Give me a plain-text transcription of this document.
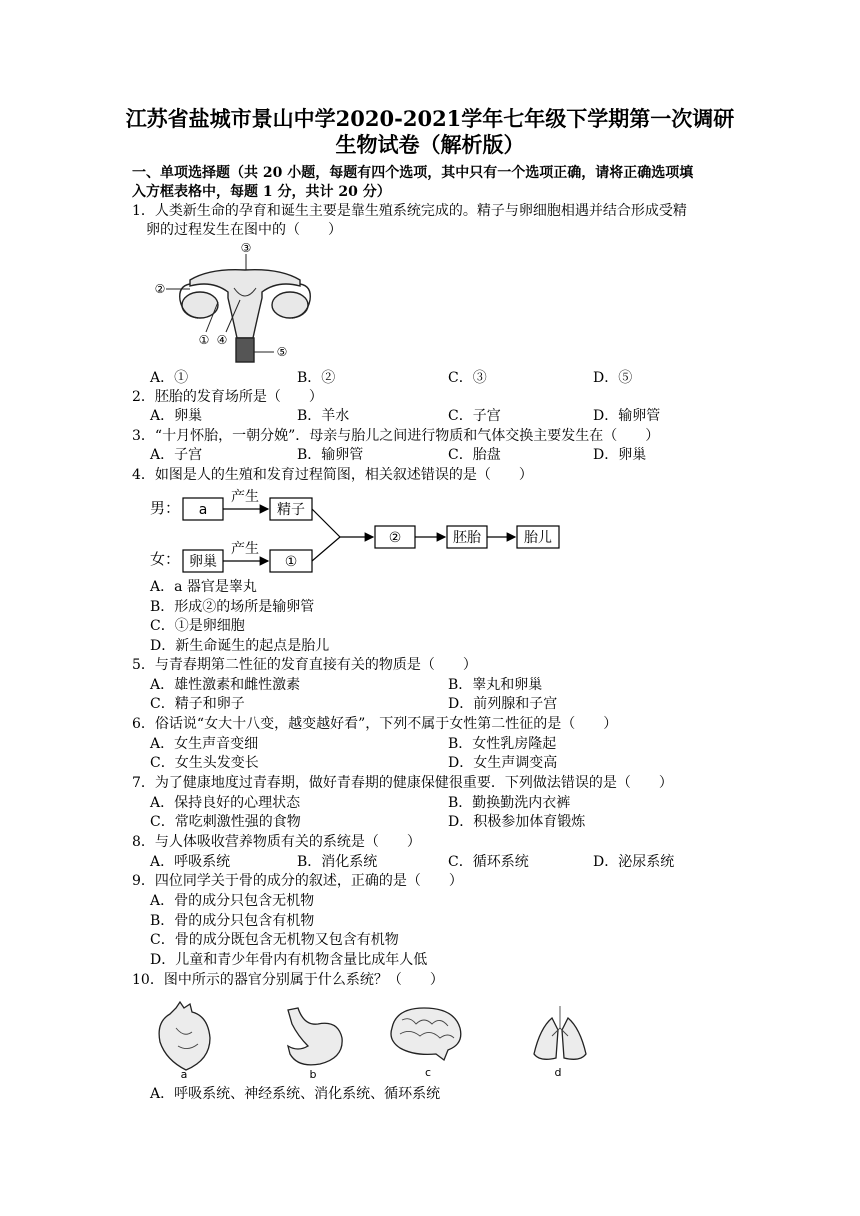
江苏省盐城市景山中学2020-2021学年七年级下学期第一次调研
生物试卷（解析版）
一、单项选择题（共 20 小题，每题有四个选项，其中只有一个选项正确，请将正确选项填
入方框表格中，每题 1 分，共计 20 分）
1．人类新生命的孕育和诞生主要是靠生殖系统完成的。精子与卵细胞相遇并结合形成受精
卵的过程发生在图中的（　　）
③
②
① ④
⑤
A．①	B．②	C．③	D．⑤
2．胚胎的发育场所是（　　）
A．卵巢	B．羊水	C．子宫	D．输卵管
3．“十月怀胎，一朝分娩”．母亲与胎儿之间进行物质和气体交换主要发生在（　　）
A．子宫	B．输卵管	C．胎盘	D．卵巢
4．如图是人的生殖和发育过程简图，相关叙述错误的是（　　）
男：
女：
a
产生
精子
卵巢
产生
①
②	胚胎	胎儿
A．a 器官是睾丸
B．形成②的场所是输卵管
C．①是卵细胞
D．新生命诞生的起点是胎儿
5．与青春期第二性征的发育直接有关的物质是（　　）
A．雄性激素和雌性激素	B．睾丸和卵巢
C．精子和卵子	D．前列腺和子宫
6．俗话说“女大十八变，越变越好看”，下列不属于女性第二性征的是（　　）
A．女生声音变细	B．女性乳房隆起
C．女生头发变长	D．女生声调变高
7．为了健康地度过青春期，做好青春期的健康保健很重要．下列做法错误的是（　　）
A．保持良好的心理状态	B．勤换勤洗内衣裤
C．常吃刺激性强的食物	D．积极参加体育锻炼
8．与人体吸收营养物质有关的系统是（　　）
A．呼吸系统	B．消化系统	C．循环系统	D．泌尿系统
9．四位同学关于骨的成分的叙述，正确的是（　　）
A．骨的成分只包含无机物
B．骨的成分只包含有机物
C．骨的成分既包含无机物又包含有机物
D．儿童和青少年骨内有机物含量比成年人低
10．图中所示的器官分别属于什么系统？（　　）
a	b	c	d
A．呼吸系统、神经系统、消化系统、循环系统
